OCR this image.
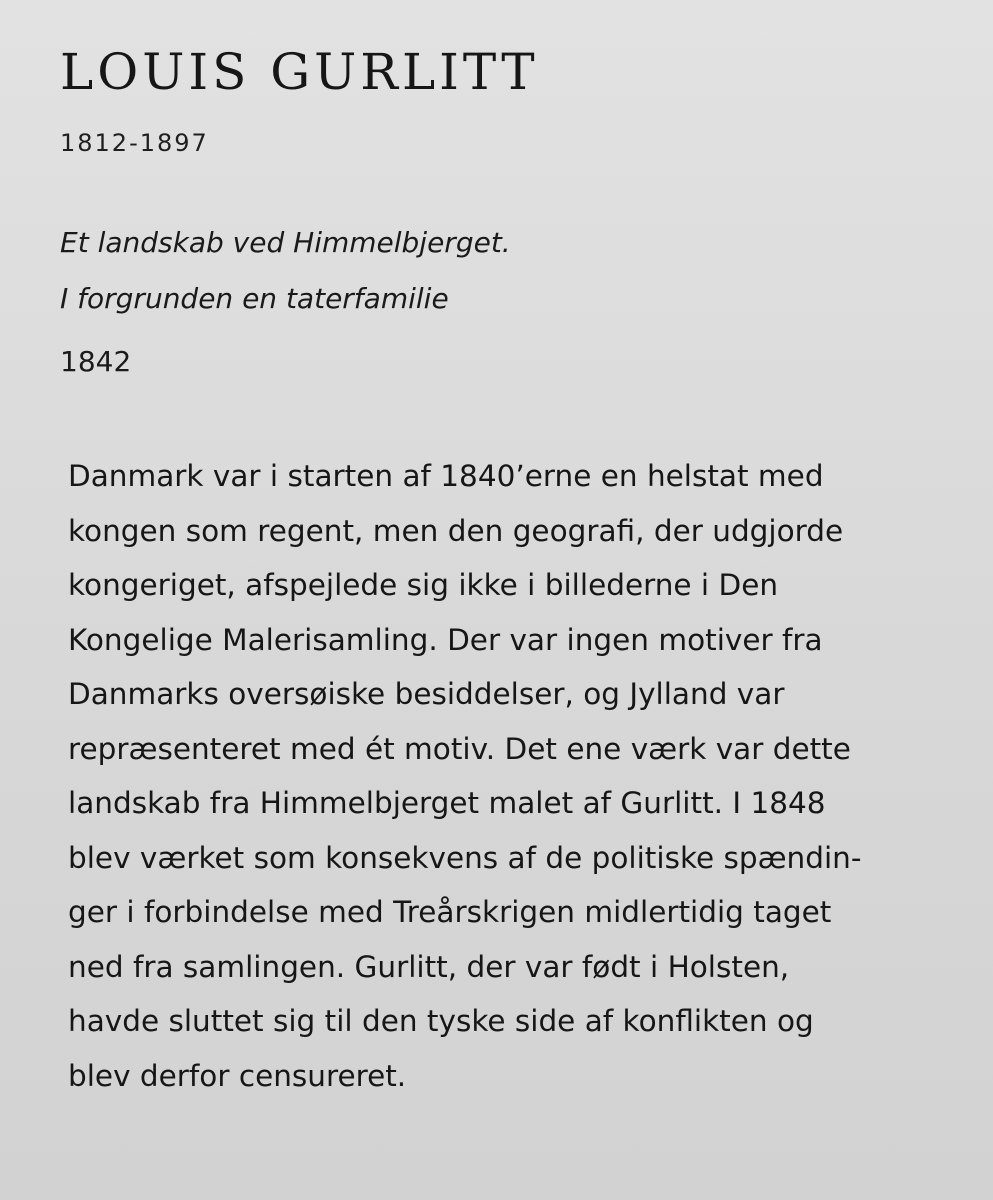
LOUIS GURLITT

1812-1897

Et landskab ved Himmelbjerget.
I forgrunden en taterfamilie

1842

Danmark var i starten af 1840’erne en helstat med
kongen som regent, men den geografi, der udgjorde
kongeriget, afspejlede sig ikke i billederne i Den
Kongelige Malerisamling. Der var ingen motiver fra
Danmarks oversøiske besiddelser, og Jylland var
repræsenteret med ét motiv. Det ene værk var dette
landskab fra Himmelbjerget malet af Gurlitt. I 1848
blev værket som konsekvens af de politiske spændin-
ger i forbindelse med Treårskrigen midlertidig taget
ned fra samlingen. Gurlitt, der var født i Holsten,
havde sluttet sig til den tyske side af konflikten og
blev derfor censureret.
